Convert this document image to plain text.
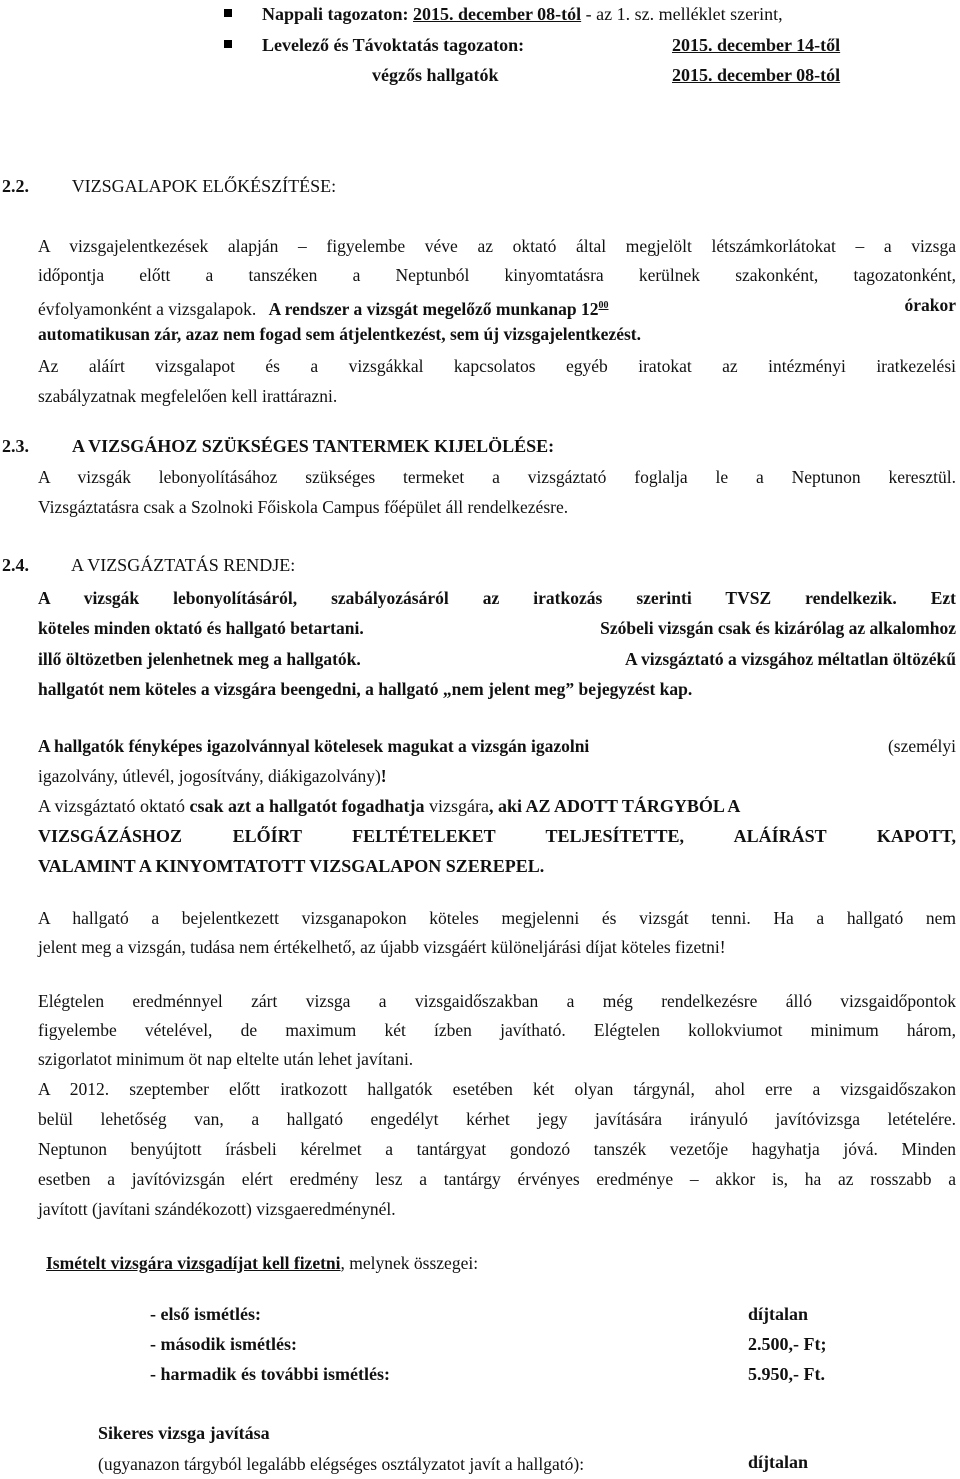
Nappali tagozaton: 2015. december 08-tól - az 1. sz. melléklet szerint,
Levelező és Távoktatás tagozaton:	2015. december 14-től
végzős hallgatók	2015. december 08-tól
2.2. VIZSGALAPOK ELŐKÉSZÍTÉSE:
A vizsgajelentkezések alapján – figyelembe véve az oktató által megjelölt létszámkorlátokat – a vizsga
időpontja előtt a tanszéken a Neptunból kinyomtatásra kerülnek szakonként, tagozatonként,
évfolyamonként a vizsgalapok. A rendszer a vizsgát megelőző munkanap $12^{00}$	órakor
automatikusan zár, azaz nem fogad sem átjelentkezést, sem új vizsgajelentkezést.
Az aláírt vizsgalapot és a vizsgákkal kapcsolatos egyéb iratokat az intézményi iratkezelési
szabályzatnak megfelelően kell irattárazni.
2.3. A VIZSGÁHOZ SZÜKSÉGES TANTERMEK KIJELÖLÉSE:
A vizsgák lebonyolításához szükséges termeket a vizsgáztató foglalja le a Neptunon keresztül.
Vizsgáztatásra csak a Szolnoki Főiskola Campus főépület áll rendelkezésre.
2.4. A VIZSGÁZTATÁS RENDJE:
A vizsgák lebonyolításáról, szabályozásáról az iratkozás szerinti TVSZ rendelkezik. Ezt
köteles minden oktató és hallgató betartani.	Szóbeli vizsgán csak és kizárólag az alkalomhoz
illő öltözetben jelenhetnek meg a hallgatók.	A vizsgáztató a vizsgához méltatlan öltözékű
hallgatót nem köteles a vizsgára beengedni, a hallgató „nem jelent meg” bejegyzést kap.
A hallgatók fényképes igazolvánnyal kötelesek magukat a vizsgán igazolni	(személyi
igazolvány, útlevél, jogosítvány, diákigazolvány)!
A vizsgáztató oktató csak azt a hallgatót fogadhatja vizsgára, aki AZ ADOTT TÁRGYBÓL A
VIZSGÁZÁSHOZ ELŐÍRT FELTÉTELEKET TELJESÍTETTE, ALÁÍRÁST KAPOTT,
VALAMINT A KINYOMTATOTT VIZSGALAPON SZEREPEL.
A hallgató a bejelentkezett vizsganapokon köteles megjelenni és vizsgát tenni. Ha a hallgató nem
jelent meg a vizsgán, tudása nem értékelhető, az újabb vizsgáért különeljárási díjat köteles fizetni!
Elégtelen eredménnyel zárt vizsga a vizsgaidőszakban a még rendelkezésre álló vizsgaidőpontok
figyelembe vételével, de maximum két ízben javítható. Elégtelen kollokviumot minimum három,
szigorlatot minimum öt nap eltelte után lehet javítani.
A 2012. szeptember előtt iratkozott hallgatók esetében két olyan tárgynál, ahol erre a vizsgaidőszakon
belül lehetőség van, a hallgató engedélyt kérhet jegy javítására irányuló javítóvizsga letételére.
Neptunon benyújtott írásbeli kérelmet a tantárgyat gondozó tanszék vezetője hagyhatja jóvá. Minden
esetben a javítóvizsgán elért eredmény lesz a tantárgy érvényes eredménye – akkor is, ha az rosszabb a
javított (javítani szándékozott) vizsgaeredménynél.
Ismételt vizsgára vizsgadíjat kell fizetni, melynek összegei:
- első ismétlés:	díjtalan
- második ismétlés:	2.500,- Ft;
- harmadik és további ismétlés:	5.950,- Ft.
Sikeres vizsga javítása
(ugyanazon tárgyból legalább elégséges osztályzatot javít a hallgató):	díjtalan
